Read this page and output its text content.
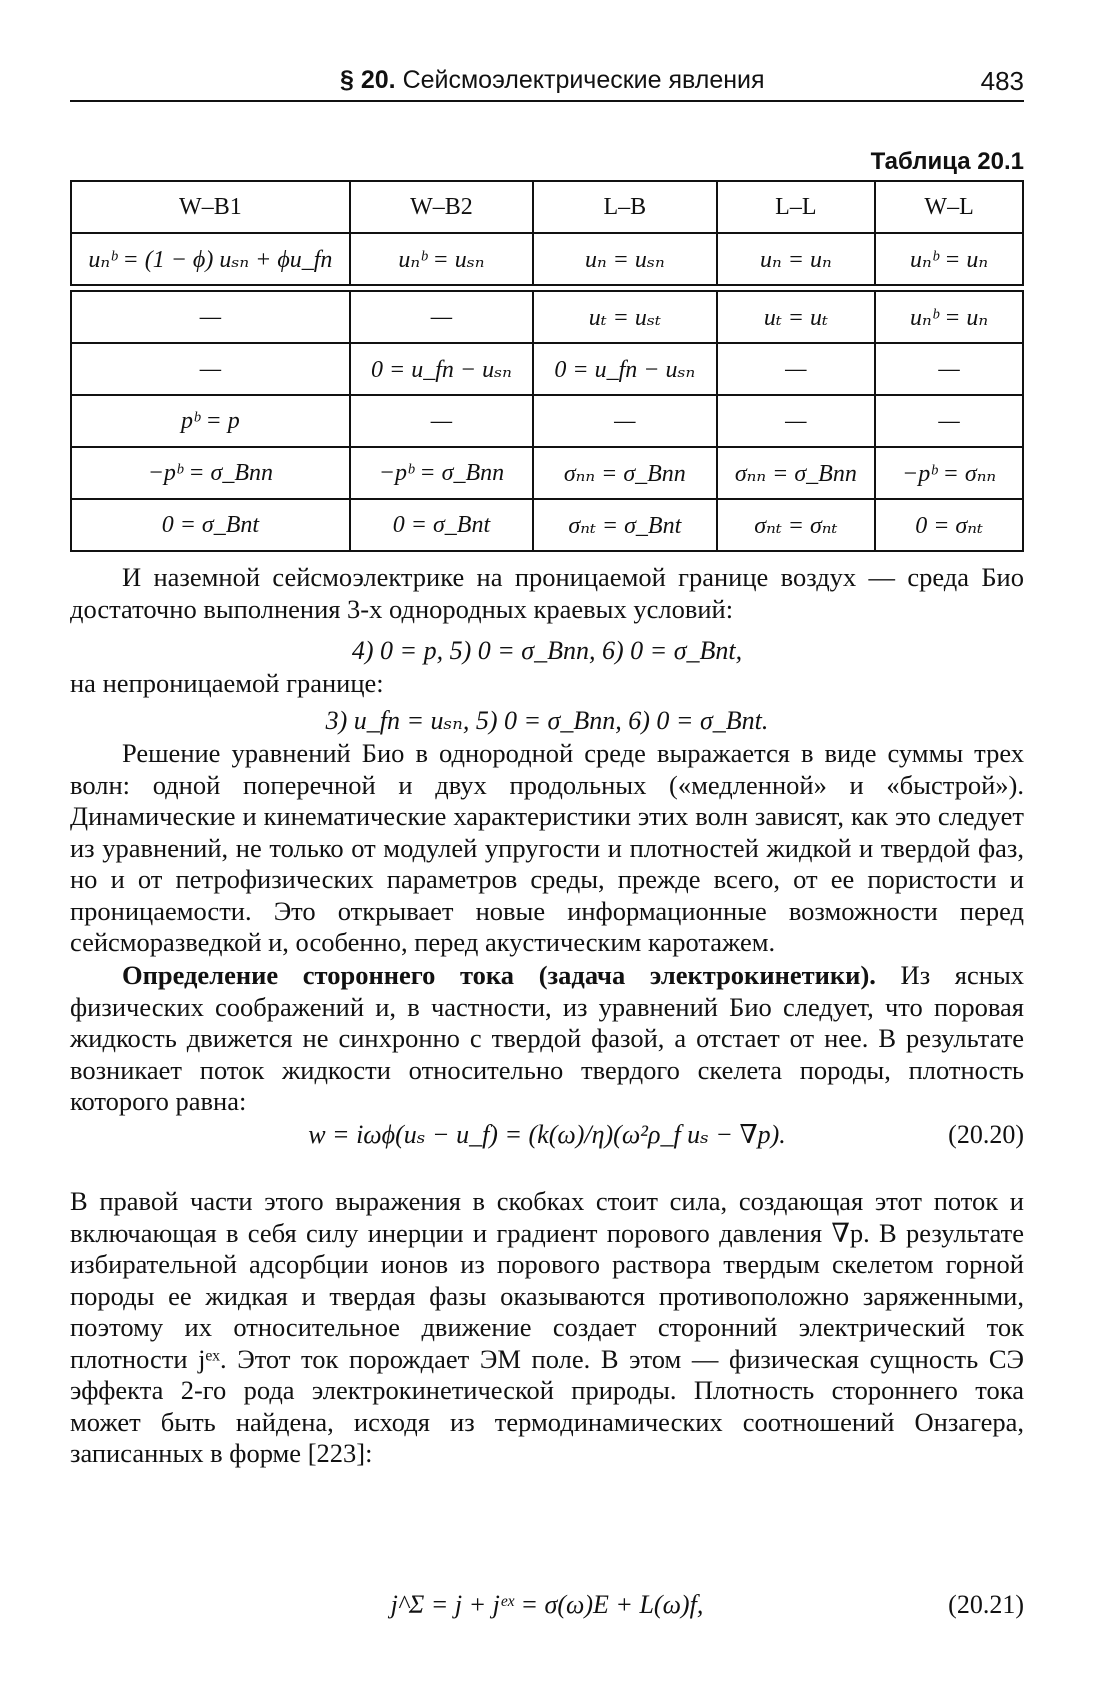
§ 20. Сейсмоэлектрические явления	483
Таблица 20.1
W–B1	W–B2	L–B	L–L	W–L
uₙᵇ = (1 − ϕ) uₛₙ + ϕu_fn	uₙᵇ = uₛₙ	uₙ = uₛₙ	uₙ = uₙ	uₙᵇ = uₙ

—	—	uₜ = uₛₜ	uₜ = uₜ	uₙᵇ = uₙ
—	0 = u_fn − uₛₙ	0 = u_fn − uₛₙ	—	—
pᵇ = p	—	—	—	—
−pᵇ = σ_Bnn	−pᵇ = σ_Bnn	σₙₙ = σ_Bnn	σₙₙ = σ_Bnn	−pᵇ = σₙₙ
0 = σ_Bnt	0 = σ_Bnt	σₙₜ = σ_Bnt	σₙₜ = σₙₜ	0 = σₙₜ
И наземной сейсмоэлектрике на проницаемой границе воздух — среда Био достаточно выполнения 3-х однородных краевых условий:
4) 0 = p, 5) 0 = σ_Bnn, 6) 0 = σ_Bnt,
на непроницаемой границе:
3) u_fn = uₛₙ, 5) 0 = σ_Bnn, 6) 0 = σ_Bnt.
Решение уравнений Био в однородной среде выражается в виде суммы трех волн: одной поперечной и двух продольных («медленной» и «быстрой»). Динамические и кинематические характеристики этих волн зависят, как это следует из уравнений, не только от модулей упругости и плотностей жидкой и твердой фаз, но и от петрофизических параметров среды, прежде всего, от ее пористости и проницаемости. Это открывает новые информационные возможности перед сейсморазведкой и, особенно, перед акустическим каротажем.
Определение стороннего тока (задача электрокинетики). Из ясных физических соображений и, в частности, из уравнений Био следует, что поровая жидкость движется не синхронно с твердой фазой, а отстает от нее. В результате возникает поток жидкости относительно твердого скелета породы, плотность которого равна:
w = iωϕ(uₛ − u_f) = (k(ω)/η)(ω²ρ_f uₛ − ∇p).	(20.20)
В правой части этого выражения в скобках стоит сила, создающая этот поток и включающая в себя силу инерции и градиент порового давления ∇p. В результате избирательной адсорбции ионов из порового раствора твердым скелетом горной породы ее жидкая и твердая фазы оказываются противоположно заряженными, поэтому их относительное движение создает сторонний электрический ток плотности jᵉˣ. Этот ток порождает ЭМ поле. В этом — физическая сущность СЭ эффекта 2-го рода электрокинетической природы. Плотность стороннего тока может быть найдена, исходя из термодинамических соотношений Онзагера, записанных в форме [223]:
j^Σ = j + jᵉˣ = σ(ω)E + L(ω)f,	(20.21)
